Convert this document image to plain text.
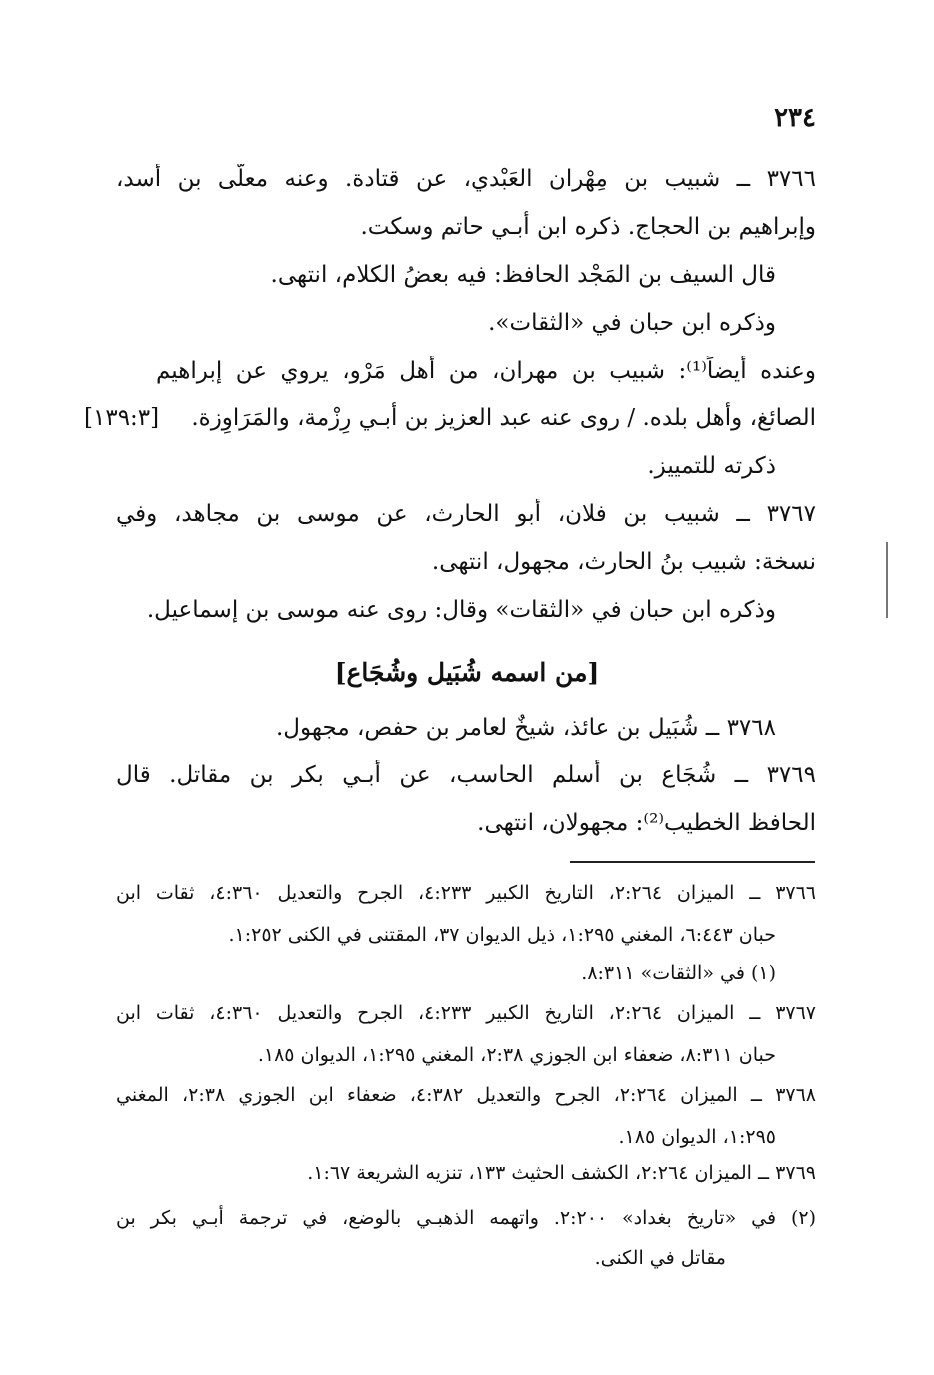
٢٣٤
٣٧٦٦ ــ شبيب بن مِهْران العَبْدي، عن قتادة. وعنه معلّى بن أسد،
وإبراهيم بن الحجاج. ذكره ابن أبـي حاتم وسكت.
قال السيف بن المَجْد الحافظ: فيه بعضُ الكلام، انتهى.
وذكره ابن حبان في «الثقات».
وعنده أيضاً⁽¹⁾: شبيب بن مهران، من أهل مَرْو، يروي عن إبراهيم
الصائغ، وأهل بلده. / روى عنه عبد العزيز بن أبـي رِزْمة، والمَرَاوِزة.
[١٣٩:٣]
ذكرته للتمييز.
٣٧٦٧ ــ شبيب بن فلان، أبو الحارث، عن موسى بن مجاهد، وفي
نسخة: شبيب بنُ الحارث، مجهول، انتهى.
وذكره ابن حبان في «الثقات» وقال: روى عنه موسى بن إسماعيل.
[من اسمه شُبَيل وشُجَاع]
٣٧٦٨ ــ شُبَيل بن عائذ، شيخٌ لعامر بن حفص، مجهول.
٣٧٦٩ ــ شُجَاع بن أسلم الحاسب، عن أبـي بكر بن مقاتل. قال
الحافظ الخطيب⁽²⁾: مجهولان، انتهى.
٣٧٦٦ ــ الميزان ٢:٢٦٤، التاريخ الكبير ٤:٢٣٣، الجرح والتعديل ٤:٣٦٠، ثقات ابن
حبان ٦:٤٤٣، المغني ١:٢٩٥، ذيل الديوان ٣٧، المقتنى في الكنى ١:٢٥٢.
(١) في «الثقات» ٨:٣١١.
٣٧٦٧ ــ الميزان ٢:٢٦٤، التاريخ الكبير ٤:٢٣٣، الجرح والتعديل ٤:٣٦٠، ثقات ابن
حبان ٨:٣١١، ضعفاء ابن الجوزي ٢:٣٨، المغني ١:٢٩٥، الديوان ١٨٥.
٣٧٦٨ ــ الميزان ٢:٢٦٤، الجرح والتعديل ٤:٣٨٢، ضعفاء ابن الجوزي ٢:٣٨، المغني
١:٢٩٥، الديوان ١٨٥.
٣٧٦٩ ــ الميزان ٢:٢٦٤، الكشف الحثيث ١٣٣، تنزيه الشريعة ١:٦٧.
(٢) في «تاريخ بغداد» ٢:٢٠٠. واتهمه الذهبـي بالوضع، في ترجمة أبـي بكر بن
مقاتل في الكنى.
